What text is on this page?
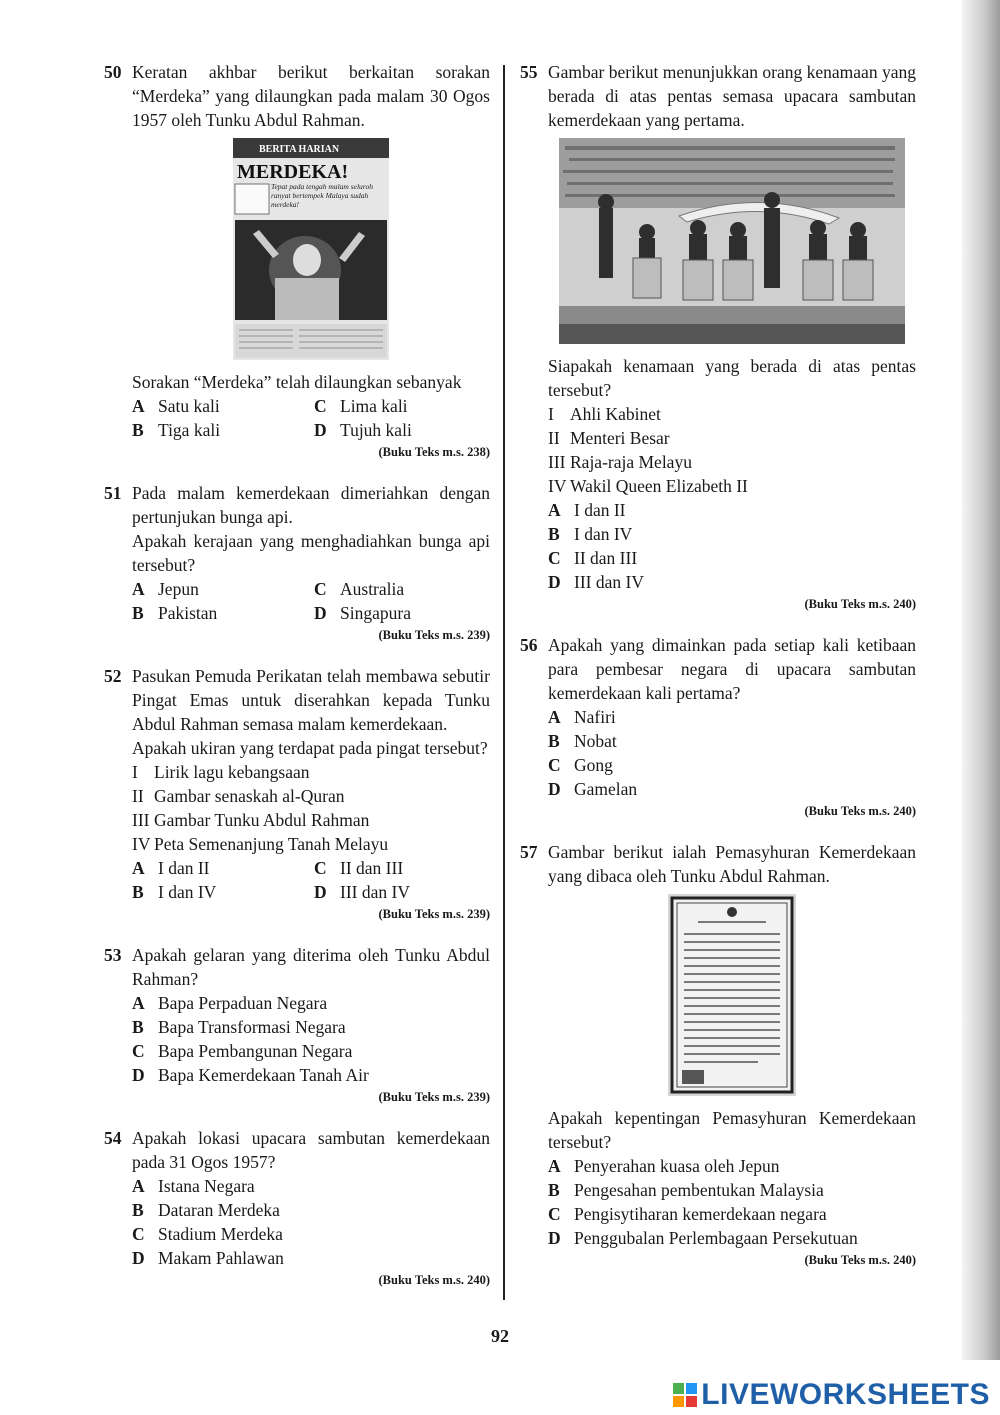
50 Keratan akhbar berikut berkaitan sorakan “Merdeka” yang dilaungkan pada malam 30 Ogos 1957 oleh Tunku Abdul Rahman.
BERITA HARIAN
MERDEKA!
Tepat pada tengah malam seluroh ranyat bertempek Malaya sudah merdeka!

Sorakan “Merdeka” telah dilaungkan sebanyak

A Satu kali	C Lima kali
B Tiga kali	D Tujuh kali
(Buku Teks m.s. 238)
51 Pada malam kemerdekaan dimeriahkan dengan pertunjukan bunga api.

Apakah kerajaan yang menghadiahkan bunga api tersebut?

A Jepun	C Australia
B Pakistan	D Singapura
(Buku Teks m.s. 239)
52 Pasukan Pemuda Perikatan telah membawa sebutir Pingat Emas untuk diserahkan kepada Tunku Abdul Rahman semasa malam kemerdekaan.

Apakah ukiran yang terdapat pada pingat tersebut?

I Lirik lagu kebangsaan
II Gambar senaskah al-Quran
III Gambar Tunku Abdul Rahman
IV Peta Semenanjung Tanah Melayu
A I dan II	C II dan III
B I dan IV	D III dan IV
(Buku Teks m.s. 239)
53 Apakah gelaran yang diterima oleh Tunku Abdul Rahman?
A Bapa Perpaduan Negara
B Bapa Transformasi Negara
C Bapa Pembangunan Negara
D Bapa Kemerdekaan Tanah Air
(Buku Teks m.s. 239)
54 Apakah lokasi upacara sambutan kemerdekaan pada 31 Ogos 1957?
A Istana Negara
B Dataran Merdeka
C Stadium Merdeka
D Makam Pahlawan
(Buku Teks m.s. 240)
55 Gambar berikut menunjukkan orang kenamaan yang berada di atas pentas semasa upacara sambutan kemerdekaan yang pertama.

Siapakah kenamaan yang berada di atas pentas tersebut?

I Ahli Kabinet
II Menteri Besar
III Raja-raja Melayu
IV Wakil Queen Elizabeth II
A I dan II
B I dan IV
C II dan III
D III dan IV
(Buku Teks m.s. 240)
56 Apakah yang dimainkan pada setiap kali ketibaan para pembesar negara di upacara sambutan kemerdekaan kali pertama?
A Nafiri
B Nobat
C Gong
D Gamelan
(Buku Teks m.s. 240)
57 Gambar berikut ialah Pemasyhuran Kemerdekaan yang dibaca oleh Tunku Abdul Rahman.

Apakah kepentingan Pemasyhuran Kemerdekaan tersebut?

A Penyerahan kuasa oleh Jepun
B Pengesahan pembentukan Malaysia
C Pengisytiharan kemerdekaan negara
D Penggubalan Perlembagaan Persekutuan
(Buku Teks m.s. 240)
92
LIVEWORKSHEETS
